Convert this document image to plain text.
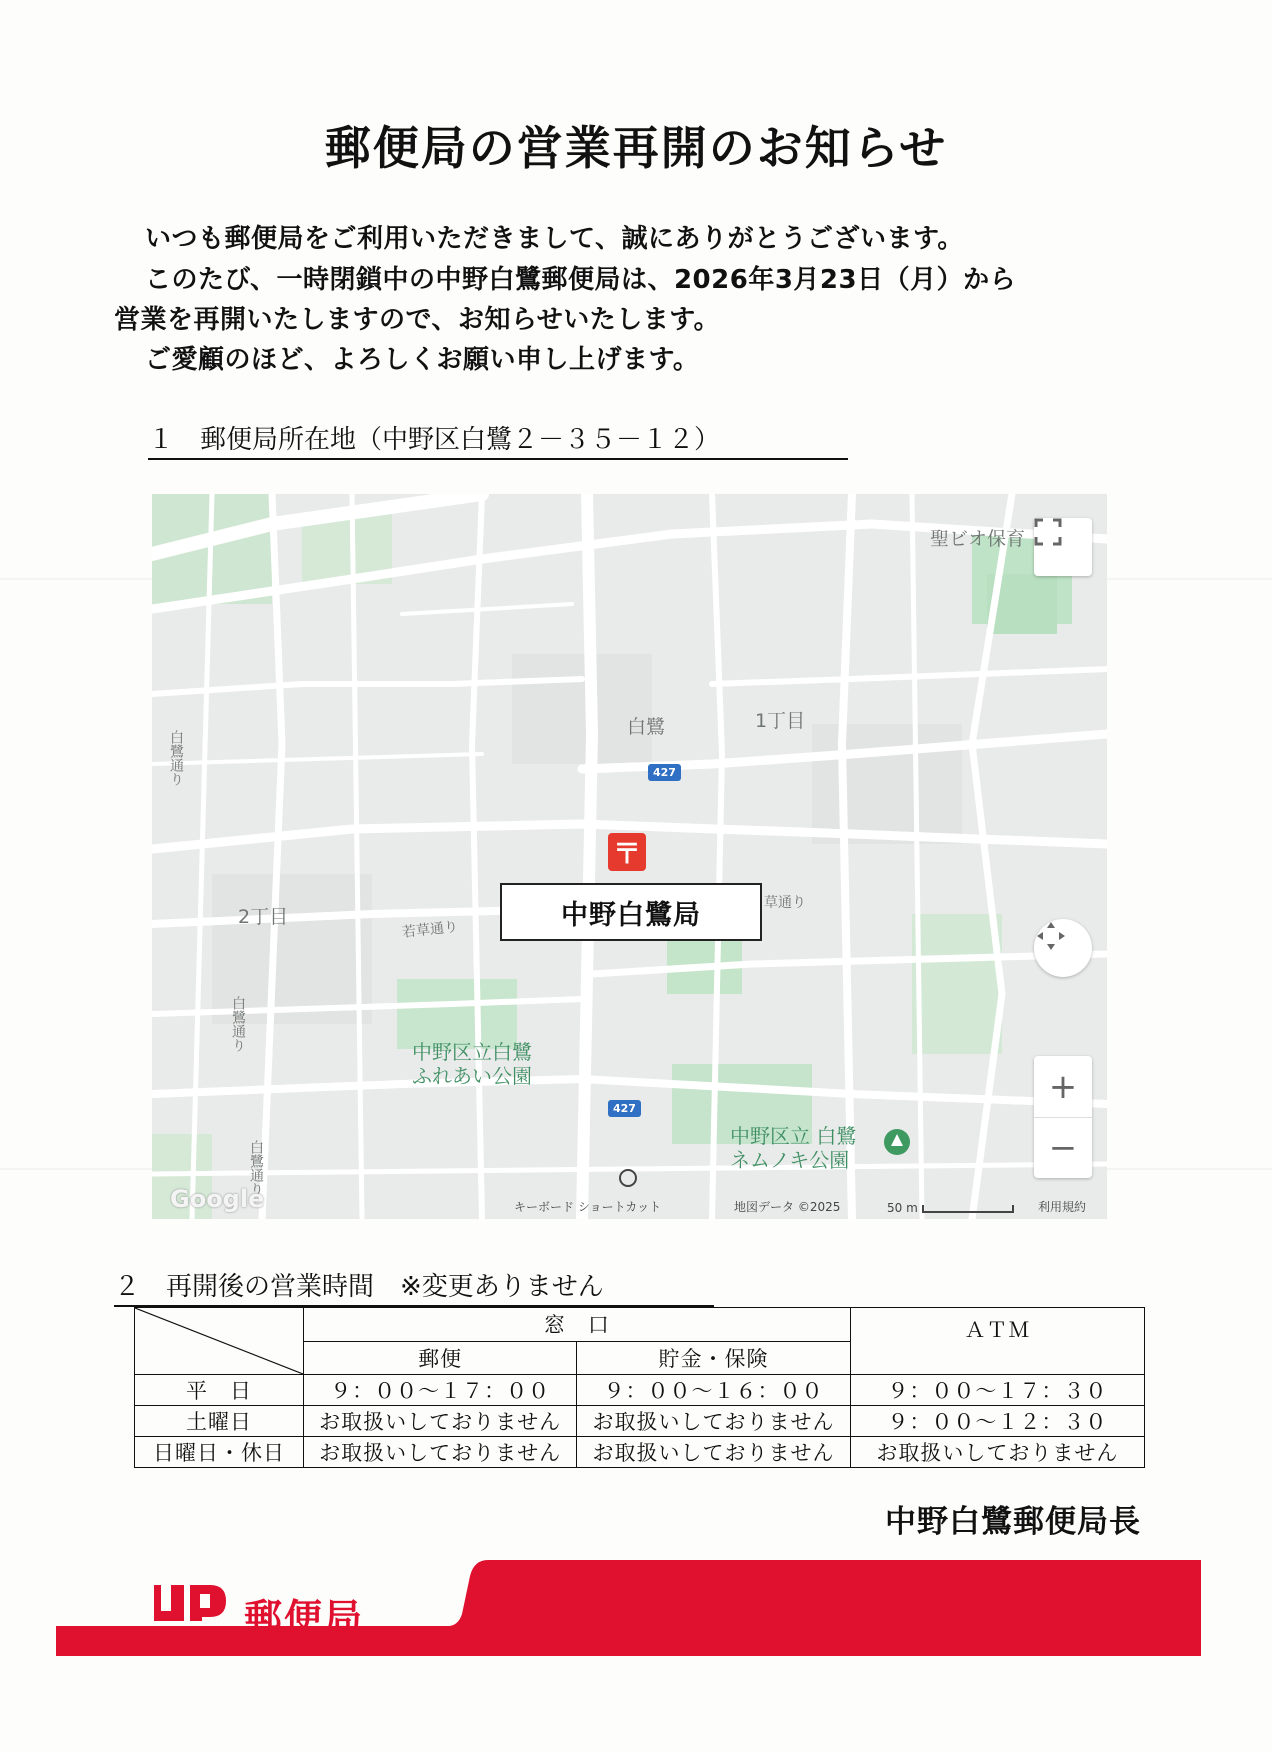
郵便局の営業再開のお知らせ
いつも郵便局をご利用いただきまして、誠にありがとうございます。
このたび、一時閉鎖中の中野白鷺郵便局は、2026年3月23日（月）から
営業を再開いたしますので、お知らせいたします。
ご愛顧のほど、よろしくお願い申し上げます。
１　郵便局所在地（中野区白鷺２－３５－１２）
聖ビオ保育
白鷺	1丁目
2丁目
若草通り
草通り
白鷺通り
白鷺通り
白鷺通り
中野区立白鷺
ふれあい公園
中野区立 白鷺
ネムノキ公園
427
427
〒
中野白鷺局
+
−
Google	キーボード ショートカット	地図データ ©2025	50 m	利用規約
２　再開後の営業時間　※変更ありません
	窓　口		ＡＴＭ
	郵便	貯金・保険	
平　日	９：００～１７：００	９：００～１６：００	９：００～１７：３０
土曜日	お取扱いしておりません	お取扱いしておりません	９：００～１２：３０
日曜日・休日	お取扱いしておりません	お取扱いしておりません	お取扱いしておりません
中野白鷺郵便局長
POST 郵便局
